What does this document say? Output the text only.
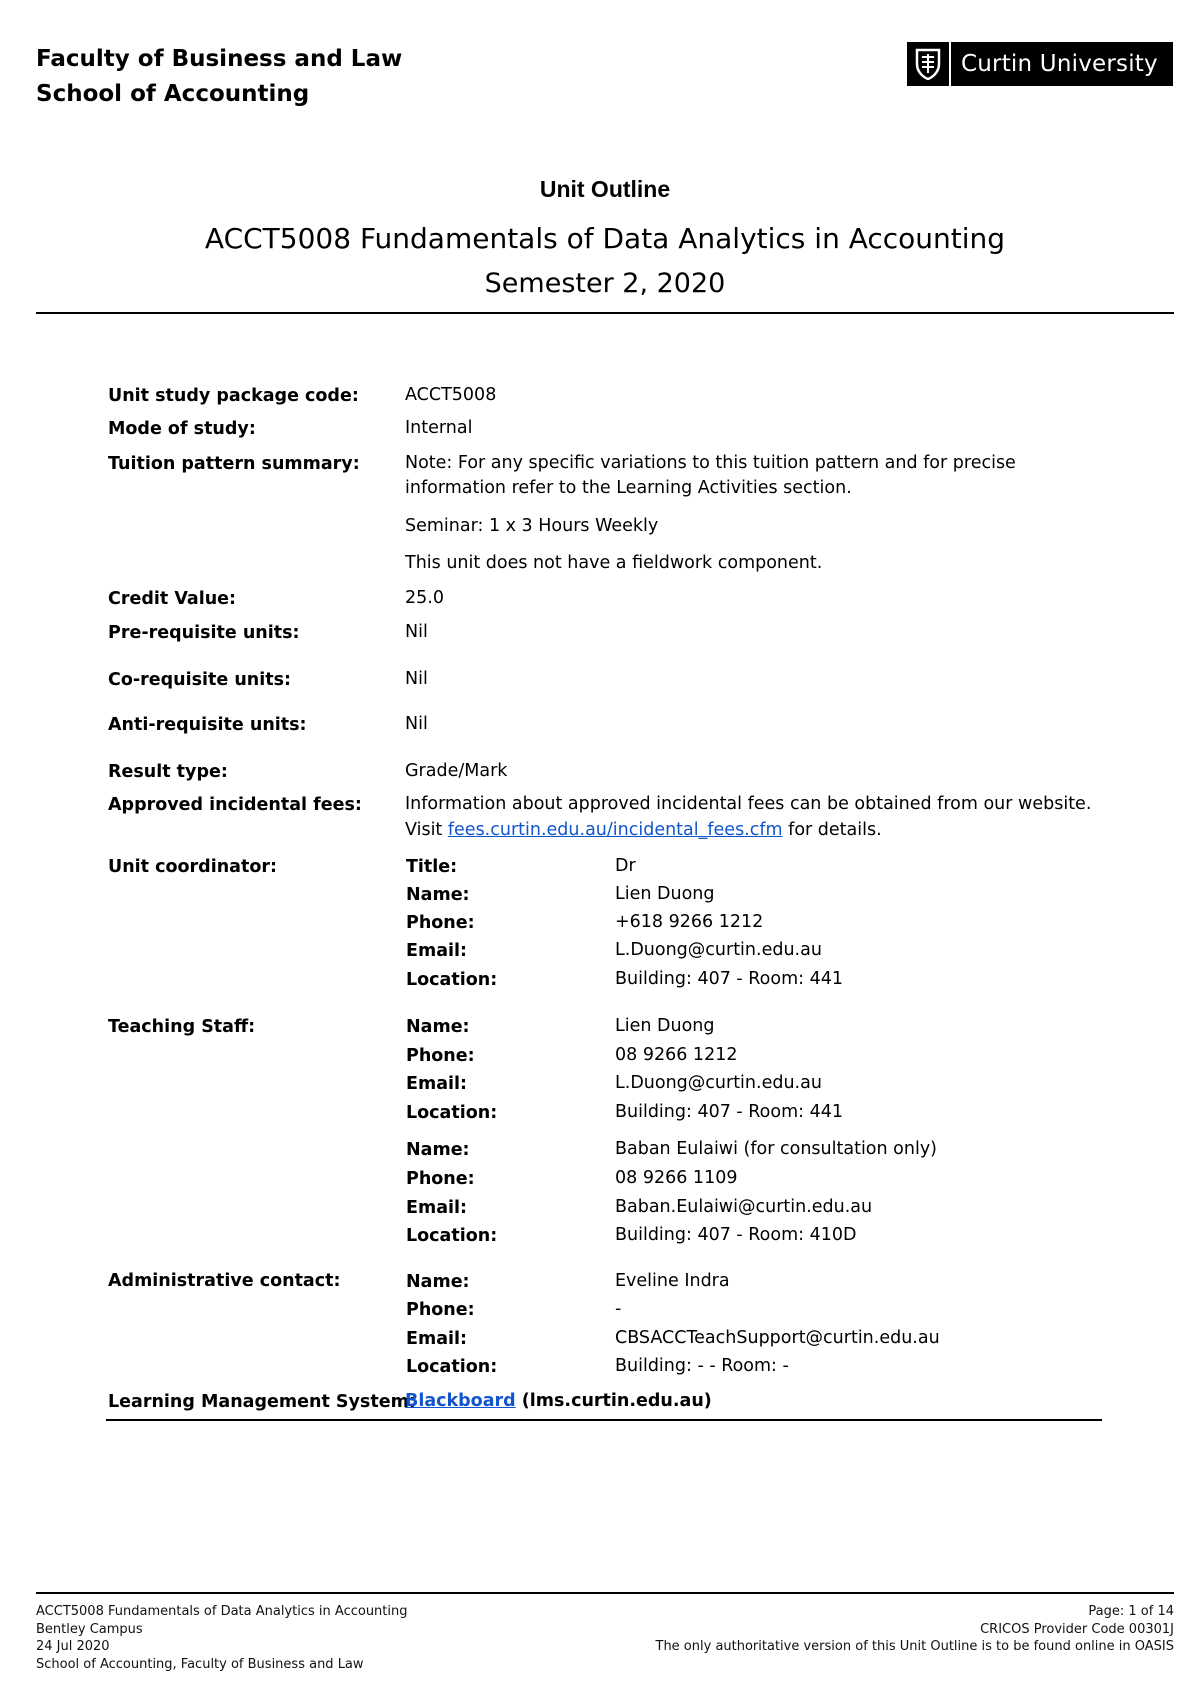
Faculty of Business and Law
School of Accounting
Curtin University
Unit Outline
ACCT5008 Fundamentals of Data Analytics in Accounting
Semester 2, 2020
Unit study package code:	ACCT5008
Mode of study:	Internal
Tuition pattern summary:	Note: For any specific variations to this tuition pattern and for precise
information refer to the Learning Activities section.
Seminar: 1 x 3 Hours Weekly
This unit does not have a fieldwork component.
Credit Value:	25.0
Pre-requisite units:	Nil
Co-requisite units:	Nil
Anti-requisite units:	Nil
Result type:	Grade/Mark
Approved incidental fees: Information about approved incidental fees can be obtained from our website.
Visit fees.curtin.edu.au/incidental_fees.cfm for details.
Unit coordinator:	Title:	Dr
Name:	Lien Duong
Phone:	+618 9266 1212
Email:	L.Duong@curtin.edu.au
Location:	Building: 407 - Room: 441
Teaching Staff:	Name:	Lien Duong
Phone:	08 9266 1212
Email:	L.Duong@curtin.edu.au
Location:	Building: 407 - Room: 441
Name:	Baban Eulaiwi (for consultation only)
Phone:	08 9266 1109
Email:	Baban.Eulaiwi@curtin.edu.au
Location:	Building: 407 - Room: 410D
Administrative contact:	Name:	Eveline Indra
Phone:	-
Email:	CBSACCTeachSupport@curtin.edu.au
Location:	Building: - - Room: -
Learning Management System:
Blackboard (lms.curtin.edu.au)
ACCT5008 Fundamentals of Data Analytics in Accounting
Bentley Campus
24 Jul 2020
School of Accounting, Faculty of Business and Law
Page: 1 of 14
CRICOS Provider Code 00301J
The only authoritative version of this Unit Outline is to be found online in OASIS
